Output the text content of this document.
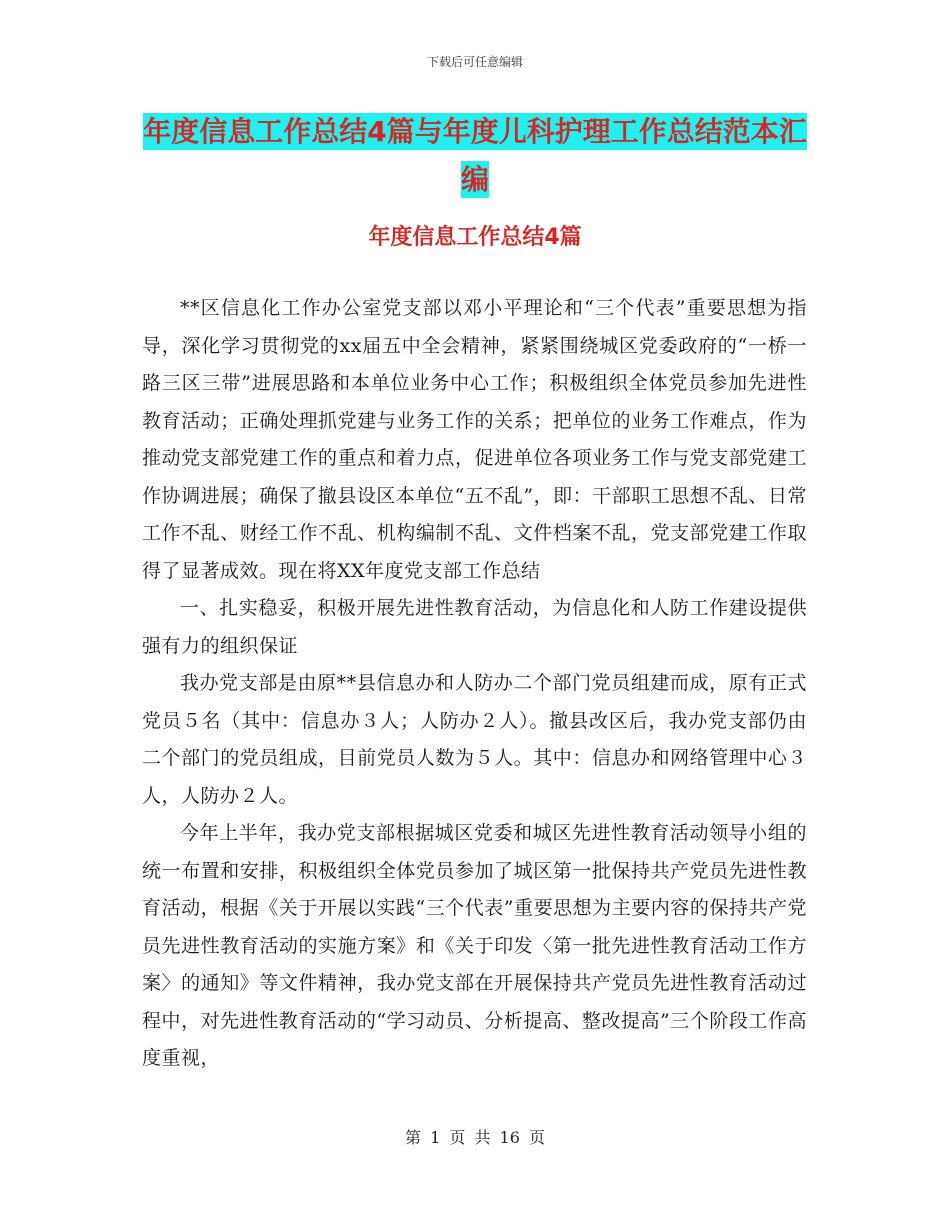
下载后可任意编辑
年度信息工作总结4篇与年度儿科护理工作总结范本汇编
年度信息工作总结4篇

**区信息化工作办公室党支部以邓小平理论和“三个代表”重要思想为指导，深化学习贯彻党的xx届五中全会精神，紧紧围绕城区党委政府的“一桥一路三区三带”进展思路和本单位业务中心工作；积极组织全体党员参加先进性教育活动；正确处理抓党建与业务工作的关系；把单位的业务工作难点，作为推动党支部党建工作的重点和着力点，促进单位各项业务工作与党支部党建工作协调进展；确保了撤县设区本单位“五不乱”，即：干部职工思想不乱、日常工作不乱、财经工作不乱、机构编制不乱、文件档案不乱，党支部党建工作取得了显著成效。现在将XX年度党支部工作总结

一、扎实稳妥，积极开展先进性教育活动，为信息化和人防工作建设提供强有力的组织保证

我办党支部是由原**县信息办和人防办二个部门党员组建而成，原有正式党员５名（其中：信息办３人；人防办２人）。撤县改区后，我办党支部仍由二个部门的党员组成，目前党员人数为５人。其中：信息办和网络管理中心３人，人防办２人。

今年上半年，我办党支部根据城区党委和城区先进性教育活动领导小组的统一布置和安排，积极组织全体党员参加了城区第一批保持共产党员先进性教育活动，根据《关于开展以实践“三个代表”重要思想为主要内容的保持共产党员先进性教育活动的实施方案》和《关于印发〈第一批先进性教育活动工作方案〉的通知》等文件精神，我办党支部在开展保持共产党员先进性教育活动过程中，对先进性教育活动的“学习动员、分析提高、整改提高”三个阶段工作高度重视，

第 1 页 共 16 页
